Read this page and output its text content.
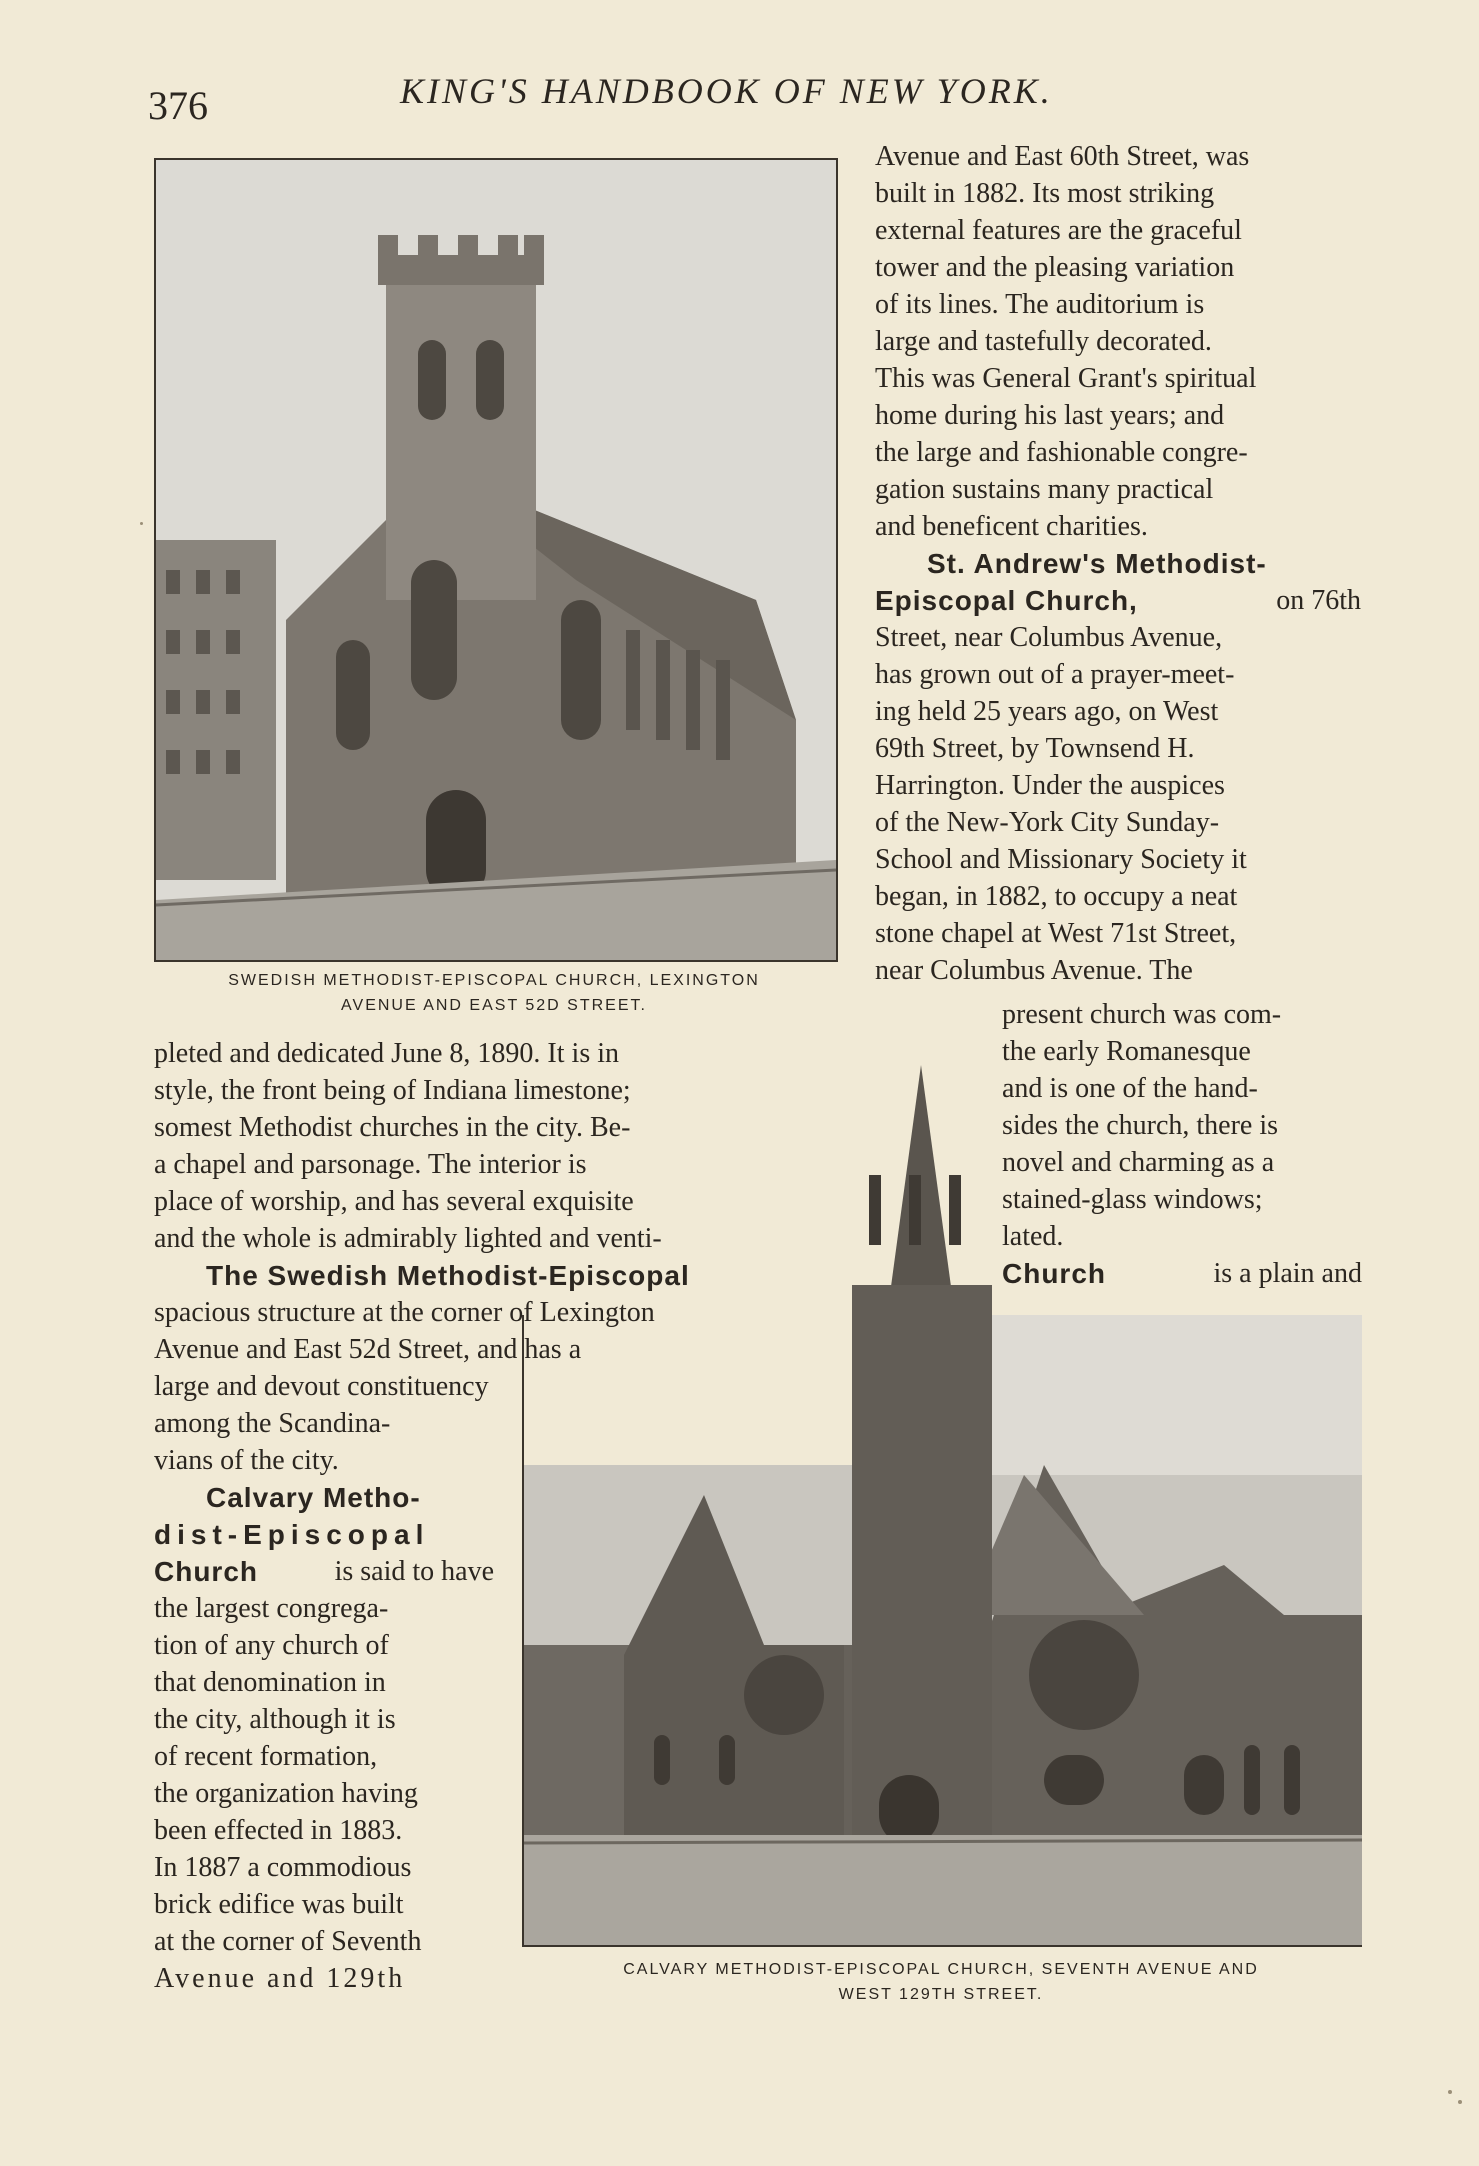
376	KING'S HANDBOOK OF NEW YORK.
SWEDISH METHODIST-EPISCOPAL CHURCH, LEXINGTON
AVENUE AND EAST 52D STREET.
CALVARY METHODIST-EPISCOPAL CHURCH, SEVENTH AVENUE AND
WEST 129TH STREET.
Avenue and East 60th Street, was
built in 1882. Its most striking
external features are the graceful
tower and the pleasing variation
of its lines. The auditorium is
large and tastefully decorated.
This was General Grant's spiritual
home during his last years; and
the large and fashionable congre-
gation sustains many practical
and beneficent charities.
St. Andrew's Methodist-
Episcopal Church,	on 76th
Street, near Columbus Avenue,
has grown out of a prayer-meet-
ing held 25 years ago, on West
69th Street, by Townsend H.
Harrington. Under the auspices
of the New-York City Sunday-
School and Missionary Society it
began, in 1882, to occupy a neat
stone chapel at West 71st Street,
near Columbus Avenue. The
present church was com-
the early Romanesque
and is one of the hand-
sides the church, there is
novel and charming as a
stained-glass windows;
lated.
Church	is a plain and
pleted and dedicated June 8, 1890. It is in
style, the front being of Indiana limestone;
somest Methodist churches in the city. Be-
a chapel and parsonage. The interior is
place of worship, and has several exquisite
and the whole is admirably lighted and venti-
The Swedish Methodist-Episcopal
spacious structure at the corner of Lexington
Avenue and East 52d Street, and has a
large and devout constituency
among the Scandina-
vians of the city.
Calvary Metho-
dist-Episcopal
Church	is said to have
the largest congrega-
tion of any church of
that denomination in
the city, although it is
of recent formation,
the organization having
been effected in 1883.
In 1887 a commodious
brick edifice was built
at the corner of Seventh
Avenue and 129th
